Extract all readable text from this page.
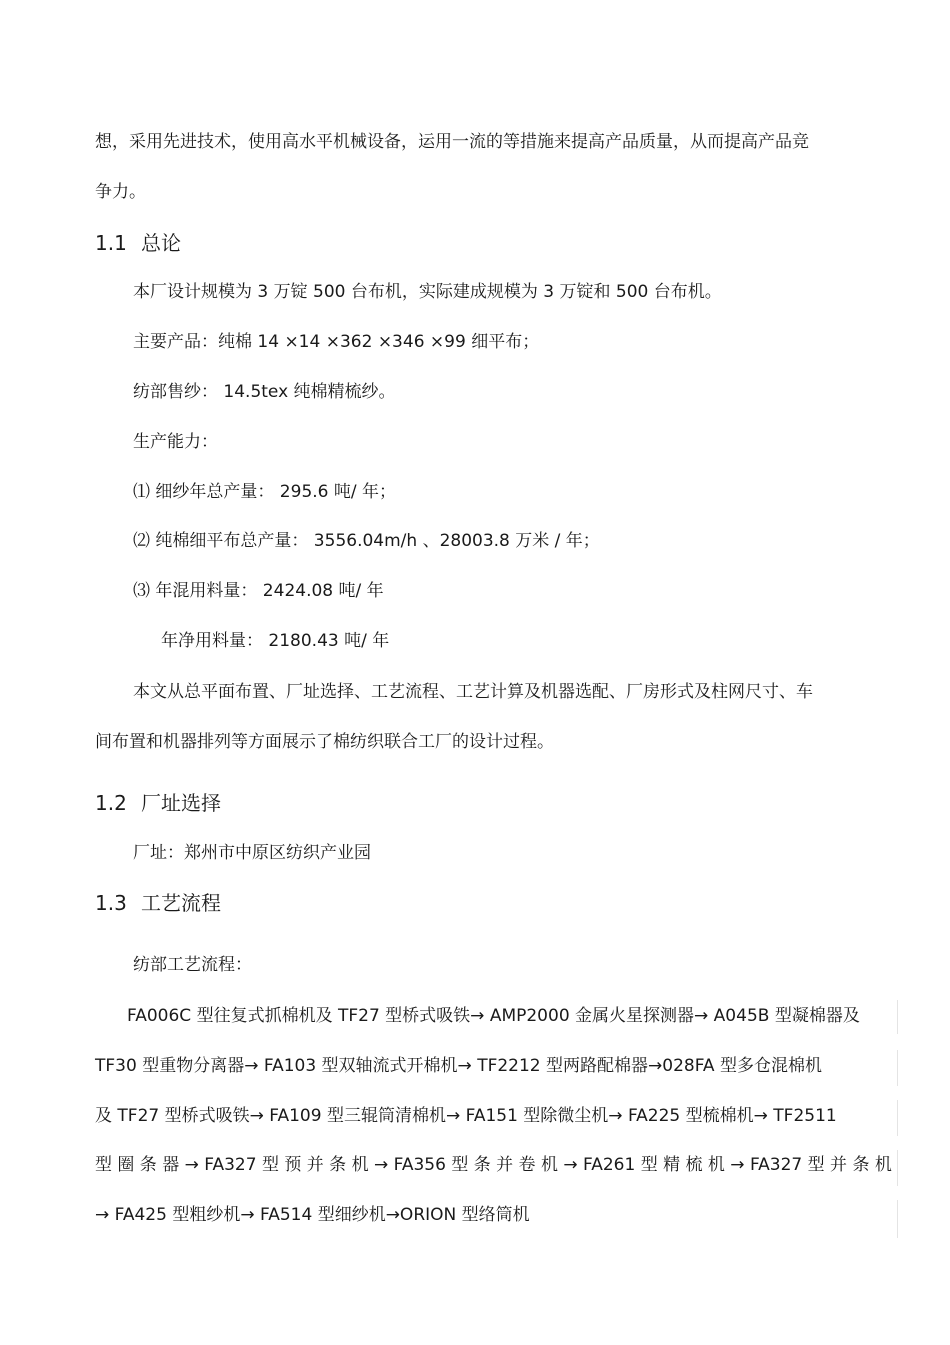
想，采用先进技术，使用高水平机械设备，运用一流的等措施来提高产品质量，从而提高产品竞
争力。
1.1 总论
本厂设计规模为 3 万锭 500 台布机，实际建成规模为 3 万锭和 500 台布机。
主要产品：纯棉 14 ×14 ×362 ×346 ×99 细平布；
纺部售纱： 14.5tex 纯棉精梳纱。
生产能力：
⑴ 细纱年总产量： 295.6 吨/ 年；
⑵ 纯棉细平布总产量： 3556.04m/h 、28003.8 万米 / 年；
⑶ 年混用料量： 2424.08 吨/ 年
年净用料量： 2180.43 吨/ 年
本文从总平面布置、厂址选择、工艺流程、工艺计算及机器选配、厂房形式及柱网尺寸、车
间布置和机器排列等方面展示了棉纺织联合工厂的设计过程。
1.2 厂址选择
厂址：郑州市中原区纺织产业园
1.3 工艺流程
纺部工艺流程：
FA006C 型往复式抓棉机及 TF27 型桥式吸铁→ AMP2000 金属火星探测器→ A045B 型凝棉器及
TF30 型重物分离器→ FA103 型双轴流式开棉机→ TF2212 型两路配棉器→028FA 型多仓混棉机
及 TF27 型桥式吸铁→ FA109 型三辊筒清棉机→ FA151 型除微尘机→ FA225 型梳棉机→ TF2511
型 圈 条 器 → FA327 型 预 并 条 机 → FA356 型 条 并 卷 机 → FA261 型 精 梳 机 → FA327 型 并 条 机
→ FA425 型粗纱机→ FA514 型细纱机→ORION 型络筒机
